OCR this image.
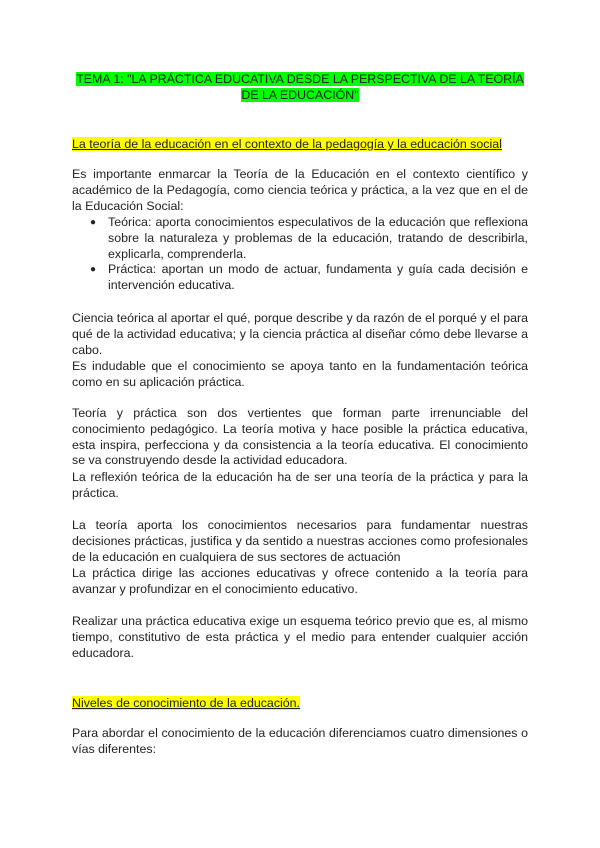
TEMA 1: "LA PRÁCTICA EDUCATIVA DESDE LA PERSPECTIVA DE LA TEORÍA DE LA EDUCACIÓN"
La teoría de la educación en el contexto de la pedagogía y la educación social

Es importante enmarcar la Teoría de la Educación en el contexto científico y académico de la Pedagogía, como ciencia teórica y práctica, a la vez que en el de la Educación Social:

● Teórica: aporta conocimientos especulativos de la educación que reflexiona sobre la naturaleza y problemas de la educación, tratando de describirla, explicarla, comprenderla.
● Práctica: aportan un modo de actuar, fundamenta y guía cada decisión e intervención educativa.

Ciencia teórica al aportar el qué, porque describe y da razón de el porqué y el para qué de la actividad educativa; y la ciencia práctica al diseñar cómo debe llevarse a cabo.

Es indudable que el conocimiento se apoya tanto en la fundamentación teórica como en su aplicación práctica.

Teoría y práctica son dos vertientes que forman parte irrenunciable del conocimiento pedagógico. La teoría motiva y hace posible la práctica educativa, esta inspira, perfecciona y da consistencia a la teoría educativa. El conocimiento se va construyendo desde la actividad educadora.

La reflexión teórica de la educación ha de ser una teoría de la práctica y para la práctica.

La teoría aporta los conocimientos necesarios para fundamentar nuestras decisiones prácticas, justifica y da sentido a nuestras acciones como profesionales de la educación en cualquiera de sus sectores de actuación

La práctica dirige las acciones educativas y ofrece contenido a la teoría para avanzar y profundizar en el conocimiento educativo.

Realizar una práctica educativa exige un esquema teórico previo que es, al mismo tiempo, constitutivo de esta práctica y el medio para entender cualquier acción educadora.

Niveles de conocimiento de la educación.

Para abordar el conocimiento de la educación diferenciamos cuatro dimensiones o vías diferentes:
